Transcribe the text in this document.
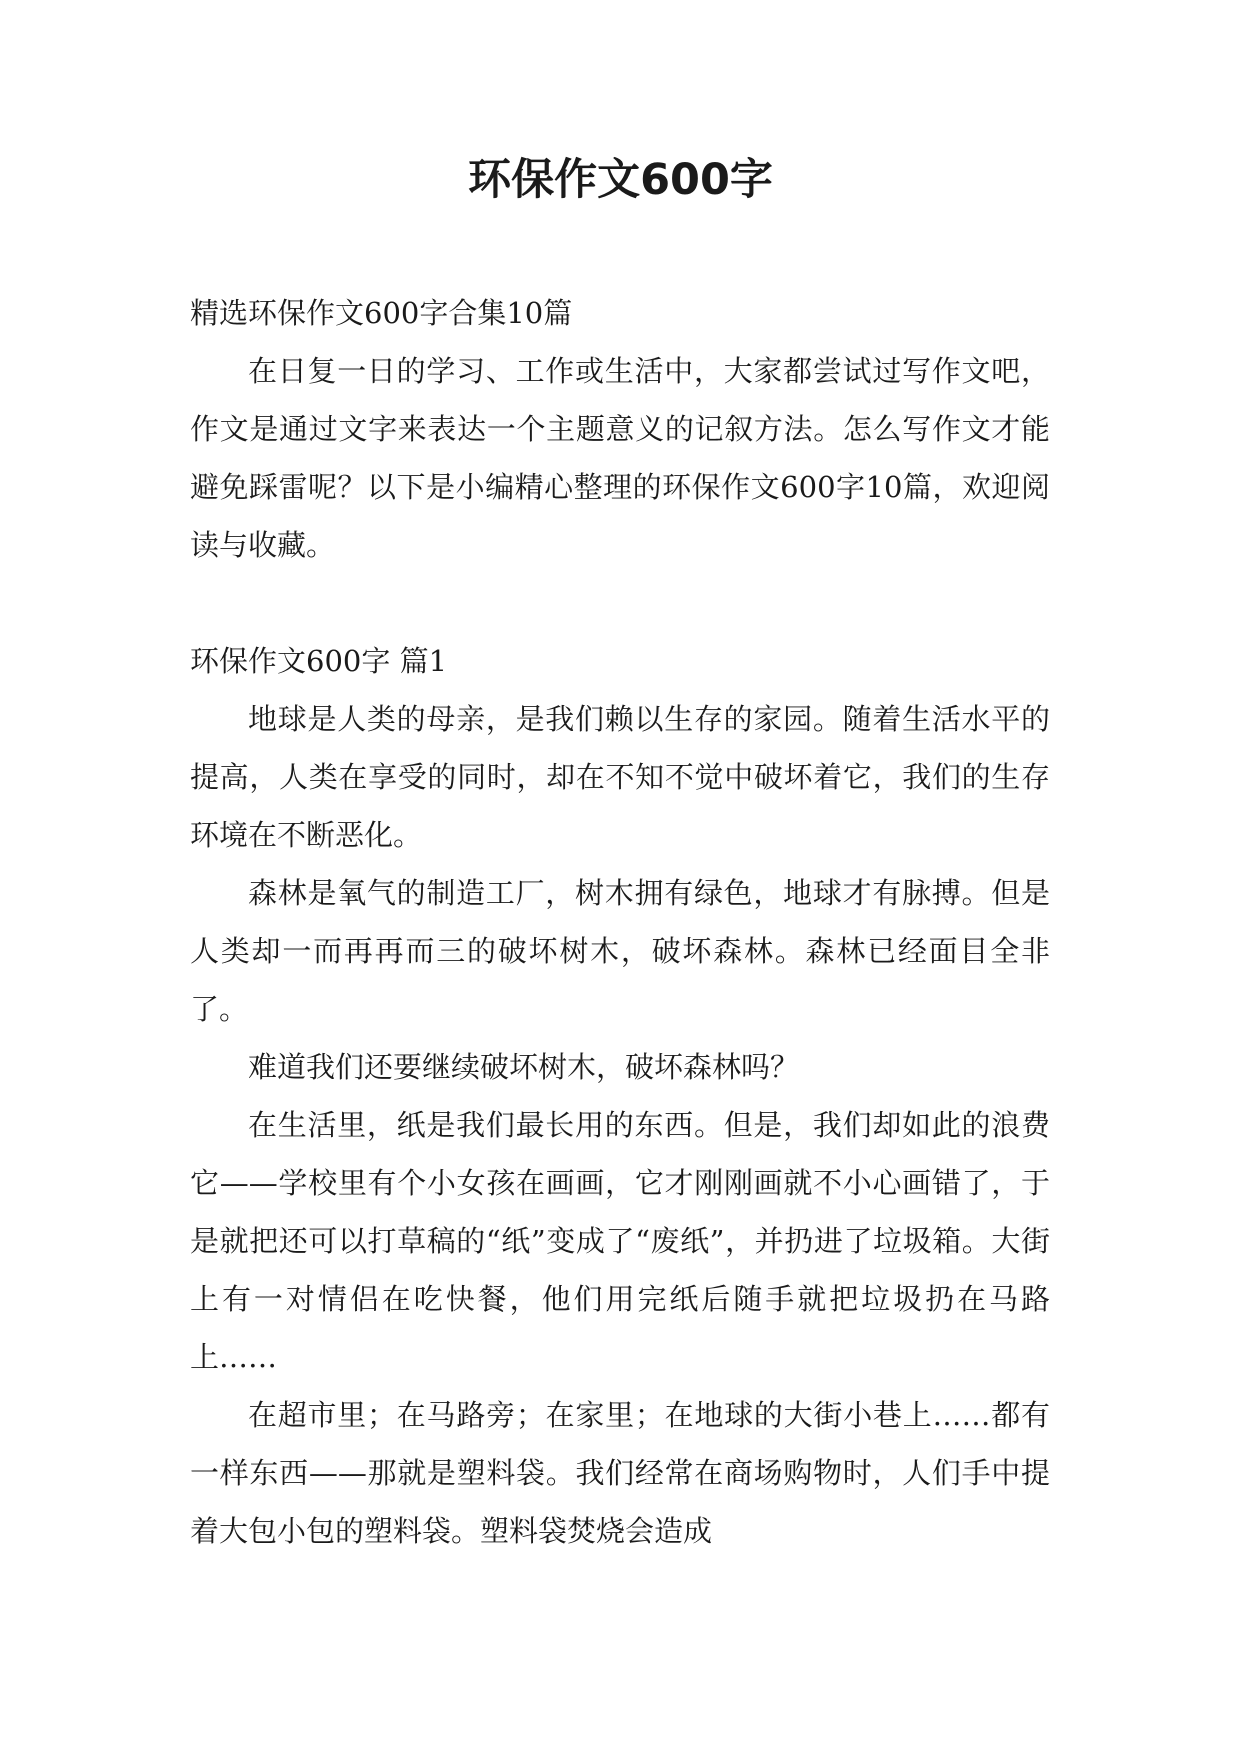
环保作文600字

精选环保作文600字合集10篇

在日复一日的学习、工作或生活中，大家都尝试过写作文吧，作文是通过文字来表达一个主题意义的记叙方法。怎么写作文才能避免踩雷呢？以下是小编精心整理的环保作文600字10篇，欢迎阅读与收藏。

环保作文600字 篇1

地球是人类的母亲，是我们赖以生存的家园。随着生活水平的提高，人类在享受的同时，却在不知不觉中破坏着它，我们的生存环境在不断恶化。

森林是氧气的制造工厂，树木拥有绿色，地球才有脉搏。但是人类却一而再再而三的破坏树木，破坏森林。森林已经面目全非了。

难道我们还要继续破坏树木，破坏森林吗？

在生活里，纸是我们最长用的东西。但是，我们却如此的浪费它——学校里有个小女孩在画画，它才刚刚画就不小心画错了，于是就把还可以打草稿的“纸”变成了“废纸”，并扔进了垃圾箱。大街上有一对情侣在吃快餐，他们用完纸后随手就把垃圾扔在马路上……

在超市里；在马路旁；在家里；在地球的大街小巷上……都有一样东西——那就是塑料袋。我们经常在商场购物时，人们手中提着大包小包的塑料袋。塑料袋焚烧会造成
